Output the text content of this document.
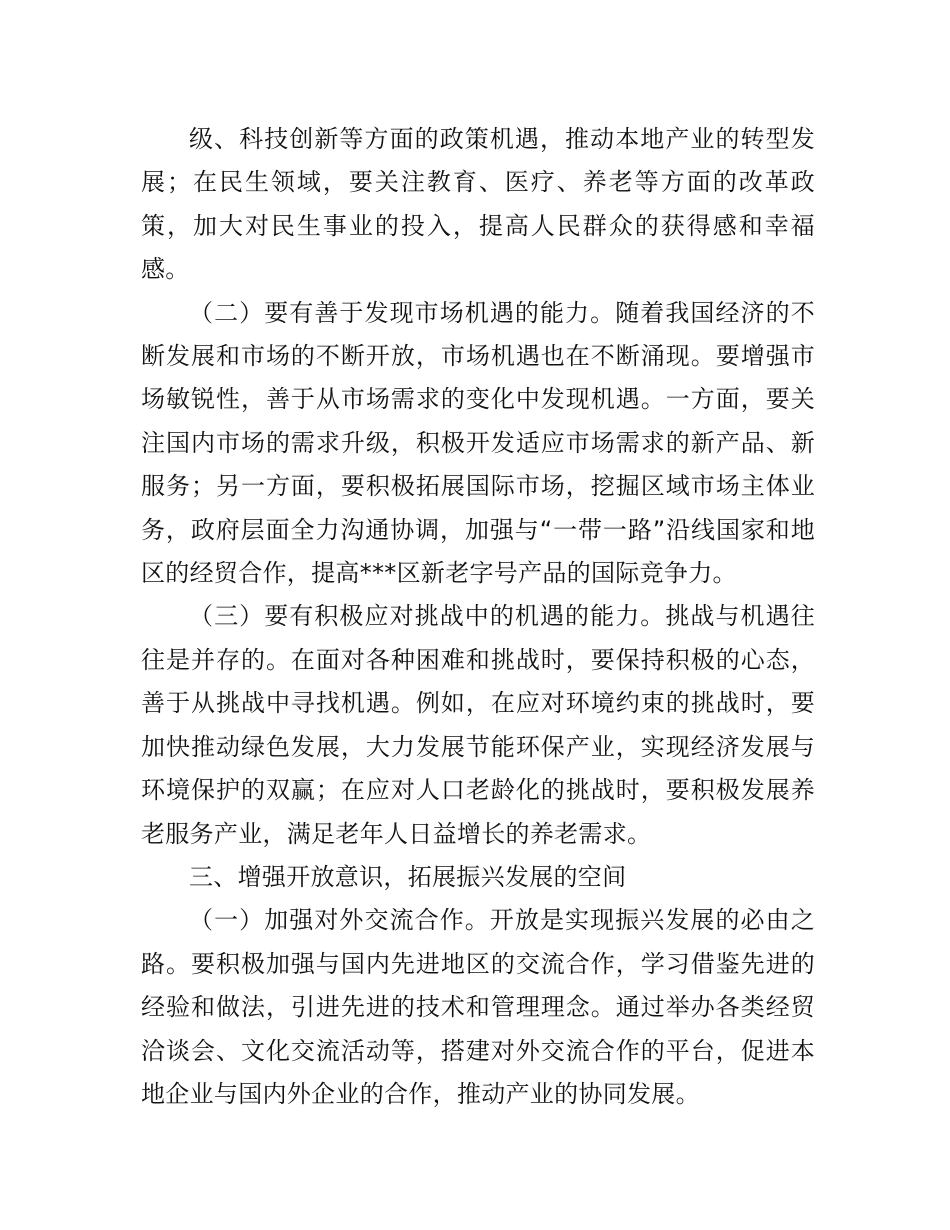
级、科技创新等方面的政策机遇，推动本地产业的转型发展；在民生领域，要关注教育、医疗、养老等方面的改革政策，加大对民生事业的投入，提高人民群众的获得感和幸福感。

（二）要有善于发现市场机遇的能力。随着我国经济的不断发展和市场的不断开放，市场机遇也在不断涌现。要增强市场敏锐性，善于从市场需求的变化中发现机遇。一方面，要关注国内市场的需求升级，积极开发适应市场需求的新产品、新服务；另一方面，要积极拓展国际市场，挖掘区域市场主体业务，政府层面全力沟通协调，加强与“一带一路”沿线国家和地区的经贸合作，提高***区新老字号产品的国际竞争力。

（三）要有积极应对挑战中的机遇的能力。挑战与机遇往往是并存的。在面对各种困难和挑战时，要保持积极的心态，善于从挑战中寻找机遇。例如，在应对环境约束的挑战时，要加快推动绿色发展，大力发展节能环保产业，实现经济发展与环境保护的双赢；在应对人口老龄化的挑战时，要积极发展养老服务产业，满足老年人日益增长的养老需求。

三、增强开放意识，拓展振兴发展的空间

（一）加强对外交流合作。开放是实现振兴发展的必由之路。要积极加强与国内先进地区的交流合作，学习借鉴先进的经验和做法，引进先进的技术和管理理念。通过举办各类经贸洽谈会、文化交流活动等，搭建对外交流合作的平台，促进本地企业与国内外企业的合作，推动产业的协同发展。
